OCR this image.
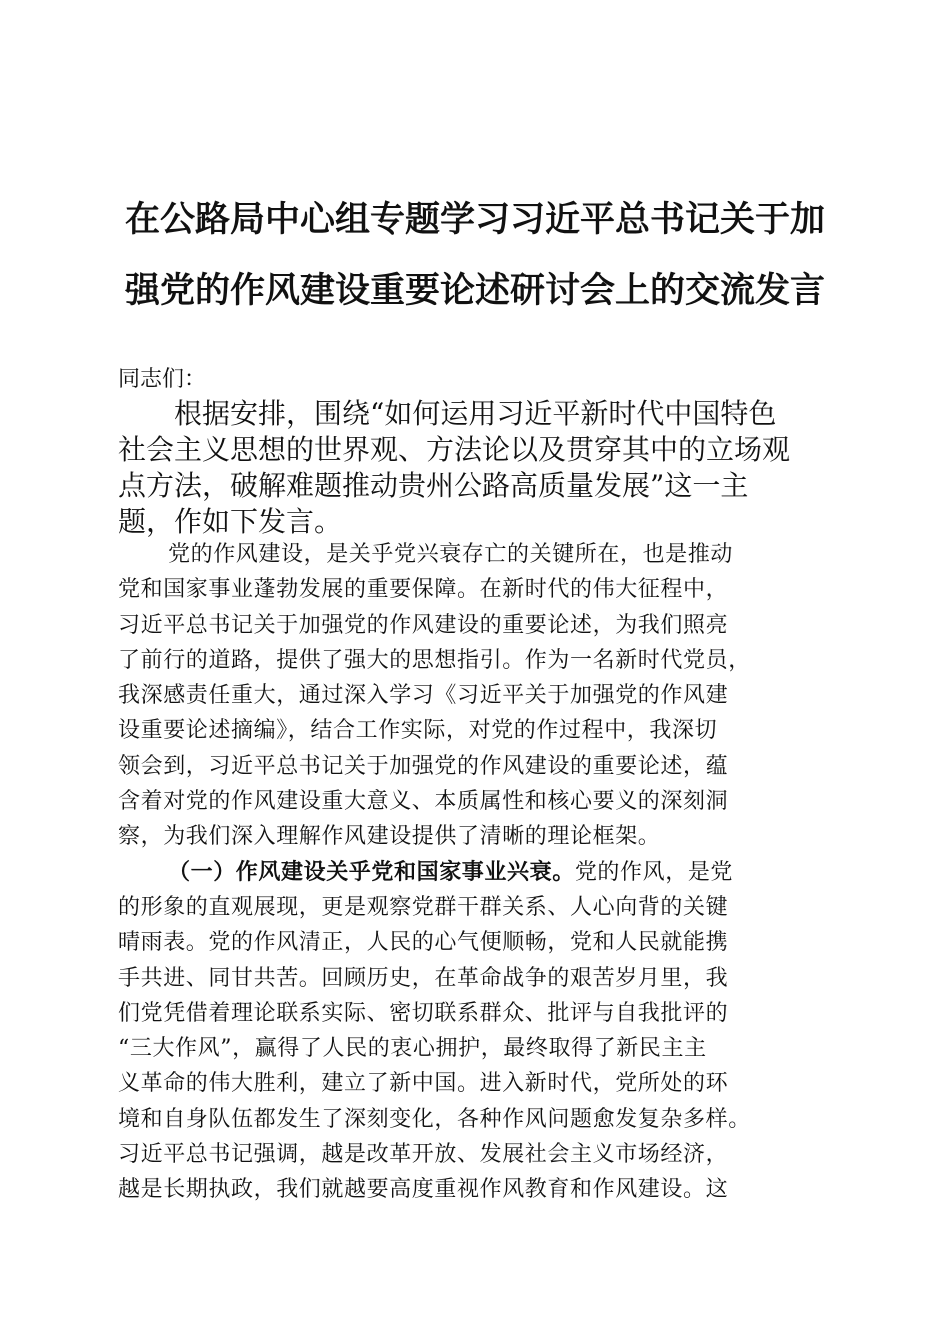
在公路局中心组专题学习习近平总书记关于加
强党的作风建设重要论述研讨会上的交流发言

同志们：

根据安排，围绕“如何运用习近平新时代中国特色
社会主义思想的世界观、方法论以及贯穿其中的立场观
点方法，破解难题推动贵州公路高质量发展”这一主
题，作如下发言。

党的作风建设，是关乎党兴衰存亡的关键所在，也是推动
党和国家事业蓬勃发展的重要保障。在新时代的伟大征程中，
习近平总书记关于加强党的作风建设的重要论述，为我们照亮
了前行的道路，提供了强大的思想指引。作为一名新时代党员，
我深感责任重大，通过深入学习《习近平关于加强党的作风建
设重要论述摘编》，结合工作实际，对党的作过程中，我深切
领会到，习近平总书记关于加强党的作风建设的重要论述，蕴
含着对党的作风建设重大意义、本质属性和核心要义的深刻洞
察，为我们深入理解作风建设提供了清晰的理论框架。
（一）作风建设关乎党和国家事业兴衰。党的作风，是党
的形象的直观展现，更是观察党群干群关系、人心向背的关键
晴雨表。党的作风清正，人民的心气便顺畅，党和人民就能携
手共进、同甘共苦。回顾历史，在革命战争的艰苦岁月里，我
们党凭借着理论联系实际、密切联系群众、批评与自我批评的
“三大作风”，赢得了人民的衷心拥护，最终取得了新民主主
义革命的伟大胜利，建立了新中国。进入新时代，党所处的环
境和自身队伍都发生了深刻变化，各种作风问题愈发复杂多样。
习近平总书记强调，越是改革开放、发展社会主义市场经济，
越是长期执政，我们就越要高度重视作风教育和作风建设。这
